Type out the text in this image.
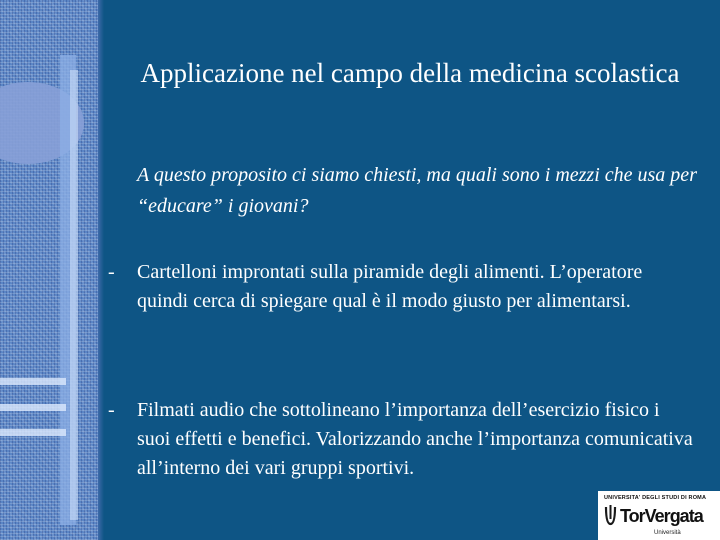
Applicazione nel campo della medicina scolastica
A questo proposito ci siamo chiesti, ma quali sono i mezzi che usa per “educare” i giovani?
-	Cartelloni improntati sulla piramide degli alimenti. L’operatore quindi cerca di spiegare qual è il modo giusto per alimentarsi.
-	Filmati audio che sottolineano l’importanza dell’esercizio fisico i suoi effetti e benefici. Valorizzando anche l’importanza comunicativa all’interno dei vari gruppi sportivi.
UNIVERSITA' DEGLI STUDI DI ROMA
TorVergata
Università
